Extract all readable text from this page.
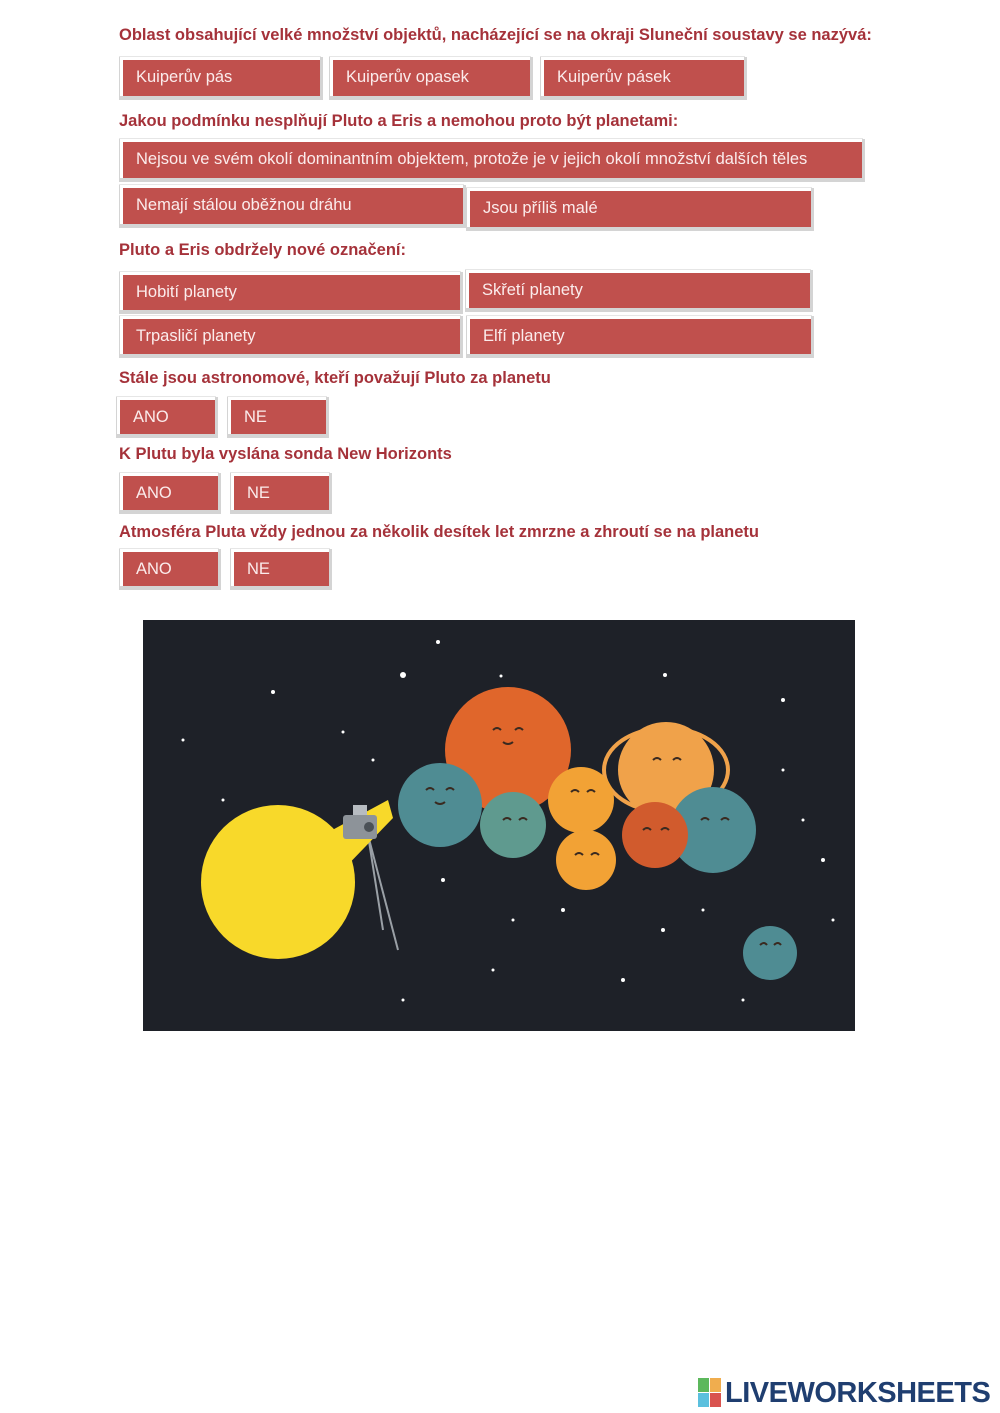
Oblast obsahující velké množství objektů, nacházející se na okraji Sluneční soustavy se nazývá:

Kuiperův pás	Kuiperův opasek	Kuiperův pásek

Jakou podmínku nesplňují Pluto a Eris a nemohou proto být planetami:

Nejsou ve svém okolí dominantním objektem, protože je v jejich okolí množství dalších těles
Nemají stálou oběžnou dráhu	Jsou příliš malé

Pluto a Eris obdržely nové označení:

Hobití planety	Skřetí planety
Trpasličí planety	Elfí planety

Stále jsou astronomové, kteří považují Pluto za planetu

ANO	NE

K Plutu byla vyslána sonda New Horizonts

ANO	NE

Atmosféra Pluta vždy jednou za několik desítek let zmrzne a zhroutí se na planetu

ANO	NE
LIVEWORKSHEETS
